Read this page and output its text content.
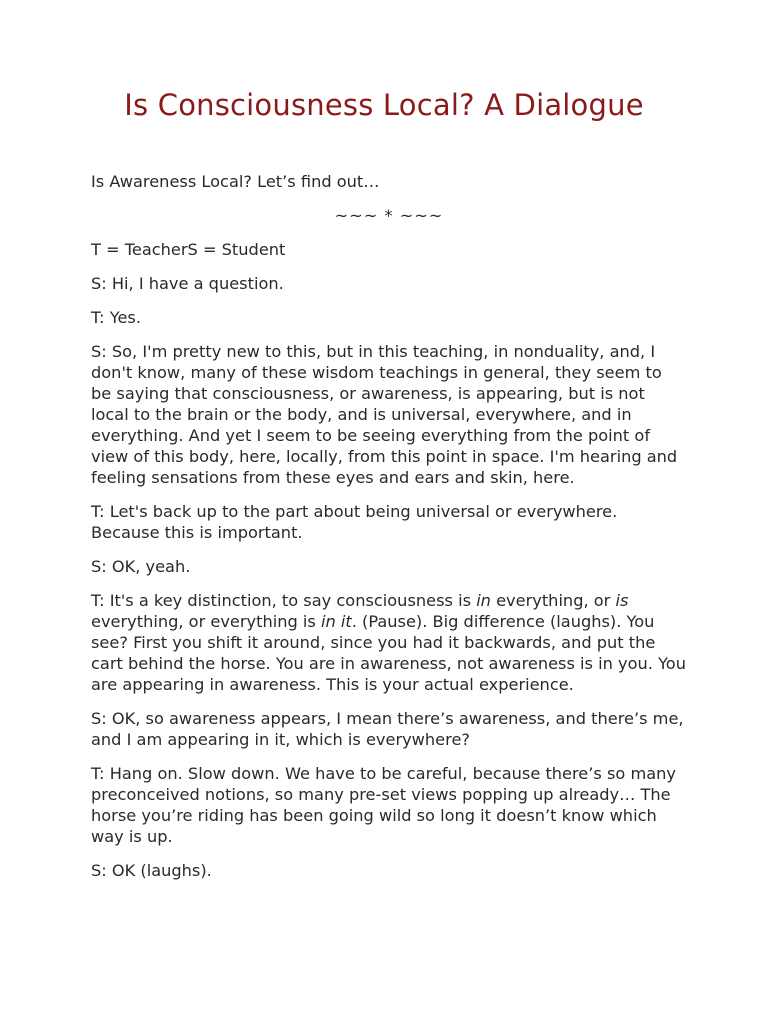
Is Consciousness Local? A Dialogue

Is Awareness Local? Let’s find out…

~~~ * ~~~

T = TeacherS = Student

S: Hi, I have a question.

T: Yes.

S: So, I'm pretty new to this, but in this teaching, in nonduality, and, I don't know, many of these wisdom teachings in general, they seem to be saying that consciousness, or awareness, is appearing, but is not local to the brain or the body, and is universal, everywhere, and in everything. And yet I seem to be seeing everything from the point of view of this body, here, locally, from this point in space. I'm hearing and feeling sensations from these eyes and ears and skin, here.

T: Let's back up to the part about being universal or everywhere. Because this is important.

S: OK, yeah.

T: It's a key distinction, to say consciousness is in everything, or is everything, or everything is in it. (Pause). Big difference (laughs). You see? First you shift it around, since you had it backwards, and put the cart behind the horse. You are in awareness, not awareness is in you. You are appearing in awareness. This is your actual experience.

S: OK, so awareness appears, I mean there’s awareness, and there’s me, and I am appearing in it, which is everywhere?

T: Hang on. Slow down. We have to be careful, because there’s so many preconceived notions, so many pre-set views popping up already… The horse you’re riding has been going wild so long it doesn’t know which way is up.

S: OK (laughs).
